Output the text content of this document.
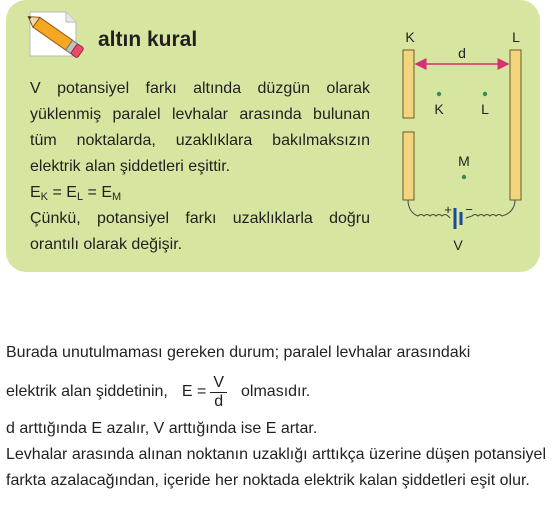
altın kural

V potansiyel farkı altında düzgün olarak yüklenmiş paralel levhalar arasında bulunan tüm noktalarda, uzaklıklara bakılmaksızın elektrik alan şiddetleri eşittir.

$E_K = E_L = E_M$

Çünkü, potansiyel farkı uzaklıklarla doğru orantılı olarak değişir.

K	L
d
K	L
M
+ −
V

Burada unutulmaması gereken durum; paralel levhalar arasındaki

elektrik alan şiddetinin, $E = \frac{V}{d}$ olmasıdır.

d arttığında E azalır, V arttığında ise E artar.

Levhalar arasında alınan noktanın uzaklığı arttıkça üzerine düşen potansiyel farkta azalacağından, içeride her noktada elektrik kalan şiddetleri eşit olur.
